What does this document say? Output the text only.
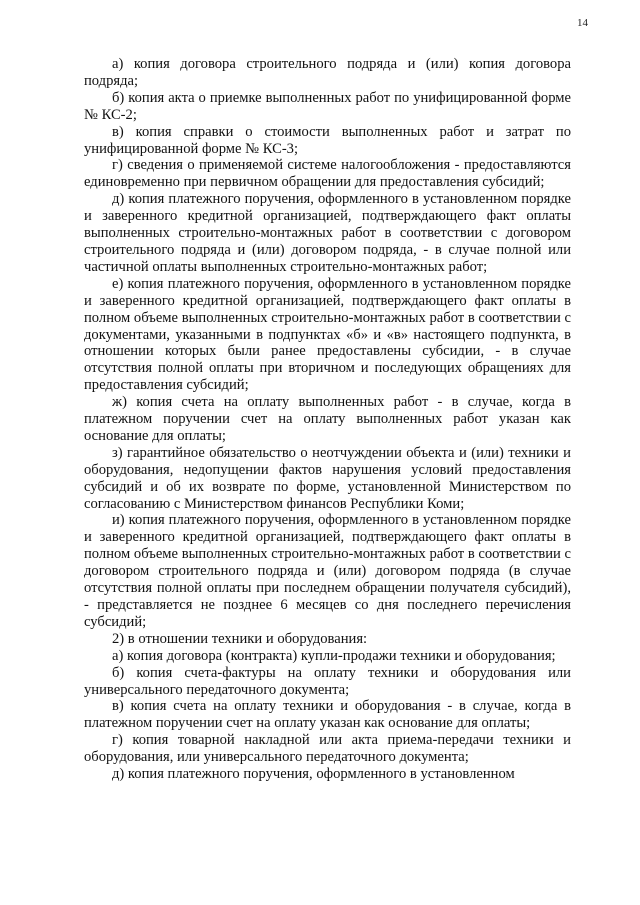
14

а) копия договора строительного подряда и (или) копия договора подряда;

б) копия акта о приемке выполненных работ по унифицированной форме № КС-2;

в) копия справки о стоимости выполненных работ и затрат по унифицированной форме № КС-3;

г) сведения о применяемой системе налогообложения - предоставляются единовременно при первичном обращении для предоставления субсидий;

д) копия платежного поручения, оформленного в установленном порядке и заверенного кредитной организацией, подтверждающего факт оплаты выполненных строительно-монтажных работ в соответствии с договором строительного подряда и (или) договором подряда, - в случае полной или частичной оплаты выполненных строительно-монтажных работ;

е) копия платежного поручения, оформленного в установленном порядке и заверенного кредитной организацией, подтверждающего факт оплаты в полном объеме выполненных строительно-монтажных работ в соответствии с документами, указанными в подпунктах «б» и «в» настоящего подпункта, в отношении которых были ранее предоставлены субсидии, - в случае отсутствия полной оплаты при вторичном и последующих обращениях для предоставления субсидий;

ж) копия счета на оплату выполненных работ - в случае, когда в платежном поручении счет на оплату выполненных работ указан как основание для оплаты;

з) гарантийное обязательство о неотчуждении объекта и (или) техники и оборудования, недопущении фактов нарушения условий предоставления субсидий и об их возврате по форме, установленной Министерством по согласованию с Министерством финансов Республики Коми;

и) копия платежного поручения, оформленного в установленном порядке и заверенного кредитной организацией, подтверждающего факт оплаты в полном объеме выполненных строительно-монтажных работ в соответствии с договором строительного подряда и (или) договором подряда (в случае отсутствия полной оплаты при последнем обращении получателя субсидий), - представляется не позднее 6 месяцев со дня последнего перечисления субсидий;

2) в отношении техники и оборудования:

а) копия договора (контракта) купли-продажи техники и оборудования;

б) копия счета-фактуры на оплату техники и оборудования или универсального передаточного документа;

в) копия счета на оплату техники и оборудования - в случае, когда в платежном поручении счет на оплату указан как основание для оплаты;

г) копия товарной накладной или акта приема-передачи техники и оборудования, или универсального передаточного документа;

д) копия платежного поручения, оформленного в установленном
